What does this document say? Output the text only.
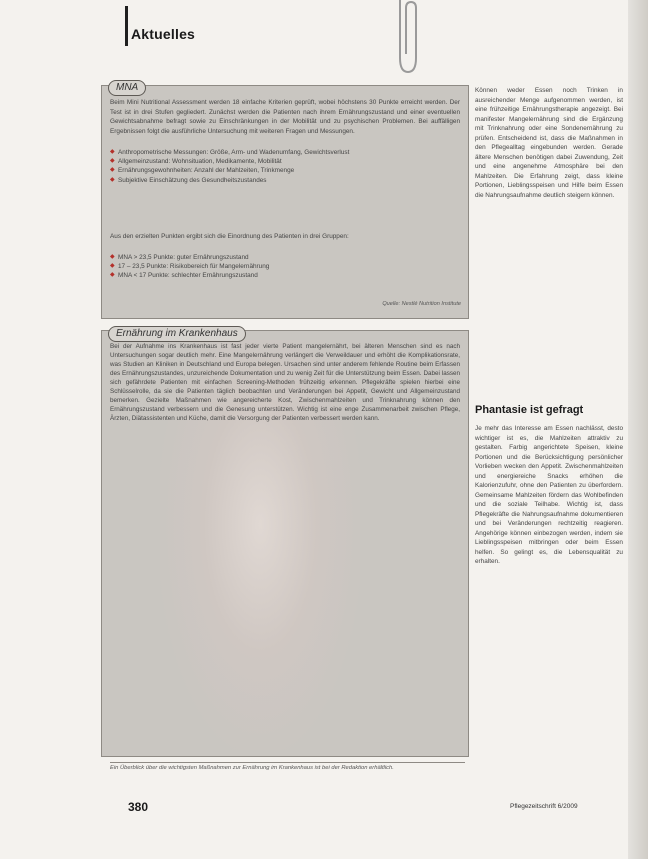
Aktuelles
MNA

Beim Mini Nutritional Assessment werden 18 einfache Kriterien geprüft, wobei höchstens 30 Punkte erreicht werden. Der Test ist in drei Stufen gegliedert. Zunächst werden die Patienten nach ihrem Ernährungszustand und einer eventuellen Gewichtsabnahme befragt sowie zu Einschränkungen in der Mobilität und zu psychischen Problemen. Bei auffälligen Ergebnissen folgt die ausführliche Untersuchung mit weiteren Fragen und Messungen.

◆ Anthropometrische Messungen: Größe, Arm- und Wadenumfang, Gewichtsverlust
◆ Allgemeinzustand: Wohnsituation, Medikamente, Mobilität
◆ Ernährungsgewohnheiten: Anzahl der Mahlzeiten, Trinkmenge
◆ Subjektive Einschätzung des Gesundheitszustandes

Aus den erzielten Punkten ergibt sich die Einordnung des Patienten in drei Gruppen:

◆ MNA > 23,5 Punkte: guter Ernährungszustand
◆ 17 – 23,5 Punkte: Risikobereich für Mangelernährung
◆ MNA < 17 Punkte: schlechter Ernährungszustand
Quelle: Nestlé Nutrition Institute
Ernährung im Krankenhaus

Bei der Aufnahme ins Krankenhaus ist fast jeder vierte Patient mangelernährt, bei älteren Menschen sind es nach Untersuchungen sogar deutlich mehr. Eine Mangelernährung verlängert die Verweildauer und erhöht die Komplikationsrate, was Studien an Kliniken in Deutschland und Europa belegen. Ursachen sind unter anderem fehlende Routine beim Erfassen des Ernährungszustandes, unzureichende Dokumentation und zu wenig Zeit für die Unterstützung beim Essen. Dabei lassen sich gefährdete Patienten mit einfachen Screening-Methoden frühzeitig erkennen. Pflegekräfte spielen hierbei eine Schlüsselrolle, da sie die Patienten täglich beobachten und Veränderungen bei Appetit, Gewicht und Allgemeinzustand bemerken. Gezielte Maßnahmen wie angereicherte Kost, Zwischenmahlzeiten und Trinknahrung können den Ernährungszustand verbessern und die Genesung unterstützen. Wichtig ist eine enge Zusammenarbeit zwischen Pflege, Ärzten, Diätassistenten und Küche, damit die Versorgung der Patienten verbessert werden kann.

Ein Überblick über die wichtigsten Maßnahmen zur Ernährung im Krankenhaus ist bei der Redaktion erhältlich.

Können weder Essen noch Trinken in ausreichender Menge aufgenommen werden, ist eine frühzeitige Ernährungstherapie angezeigt. Bei manifester Mangelernährung sind die Ergänzung mit Trinknahrung oder eine Sondenernährung zu prüfen. Entscheidend ist, dass die Maßnahmen in den Pflegealltag eingebunden werden. Gerade ältere Menschen benötigen dabei Zuwendung, Zeit und eine angenehme Atmosphäre bei den Mahlzeiten. Die Erfahrung zeigt, dass kleine Portionen, Lieblingsspeisen und Hilfe beim Essen die Nahrungsaufnahme deutlich steigern können.

Phantasie ist gefragt

Je mehr das Interesse am Essen nachlässt, desto wichtiger ist es, die Mahlzeiten attraktiv zu gestalten. Farbig angerichtete Speisen, kleine Portionen und die Berücksichtigung persönlicher Vorlieben wecken den Appetit. Zwischenmahlzeiten und energiereiche Snacks erhöhen die Kalorienzufuhr, ohne den Patienten zu überfordern. Gemeinsame Mahlzeiten fördern das Wohlbefinden und die soziale Teilhabe. Wichtig ist, dass Pflegekräfte die Nahrungsaufnahme dokumentieren und bei Veränderungen rechtzeitig reagieren. Angehörige können einbezogen werden, indem sie Lieblingsspeisen mitbringen oder beim Essen helfen. So gelingt es, die Lebensqualität zu erhalten.

380	Pflegezeitschrift 6/2009
